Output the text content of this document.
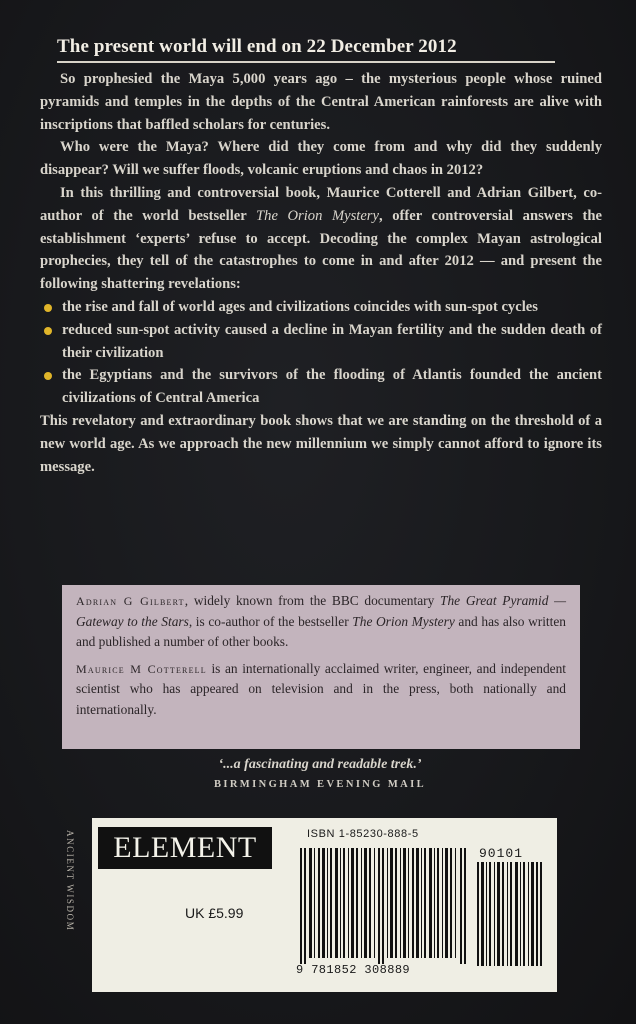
The present world will end on 22 December 2012

So prophesied the Maya 5,000 years ago – the mysterious people whose ruined pyramids and temples in the depths of the Central American rainforests are alive with inscriptions that baffled scholars for centuries.

Who were the Maya? Where did they come from and why did they suddenly disappear? Will we suffer floods, volcanic eruptions and chaos in 2012?

In this thrilling and controversial book, Maurice Cotterell and Adrian Gilbert, co-author of the world bestseller The Orion Mystery, offer controversial answers the establishment ‘experts’ refuse to accept. Decoding the complex Mayan astrological prophecies, they tell of the catastrophes to come in and after 2012 — and present the following shattering revelations:

the rise and fall of world ages and civilizations coincides with sun-spot cycles
reduced sun-spot activity caused a decline in Mayan fertility and the sudden death of their civilization
the Egyptians and the survivors of the flooding of Atlantis founded the ancient civilizations of Central America

This revelatory and extraordinary book shows that we are standing on the threshold of a new world age. As we approach the new millennium we simply cannot afford to ignore its message.

Adrian G Gilbert, widely known from the BBC documentary The Great Pyramid — Gateway to the Stars, is co-author of the bestseller The Orion Mystery and has also written and published a number of other books.

Maurice M Cotterell is an internationally acclaimed writer, engineer, and independent scientist who has appeared on television and in the press, both nationally and internationally.

‘...a fascinating and readable trek.’
BIRMINGHAM EVENING MAIL
ANCIENT WISDOM	ELEMENT
UK £5.99
ISBN 1-85230-888-5
90101
9 781852 308889
